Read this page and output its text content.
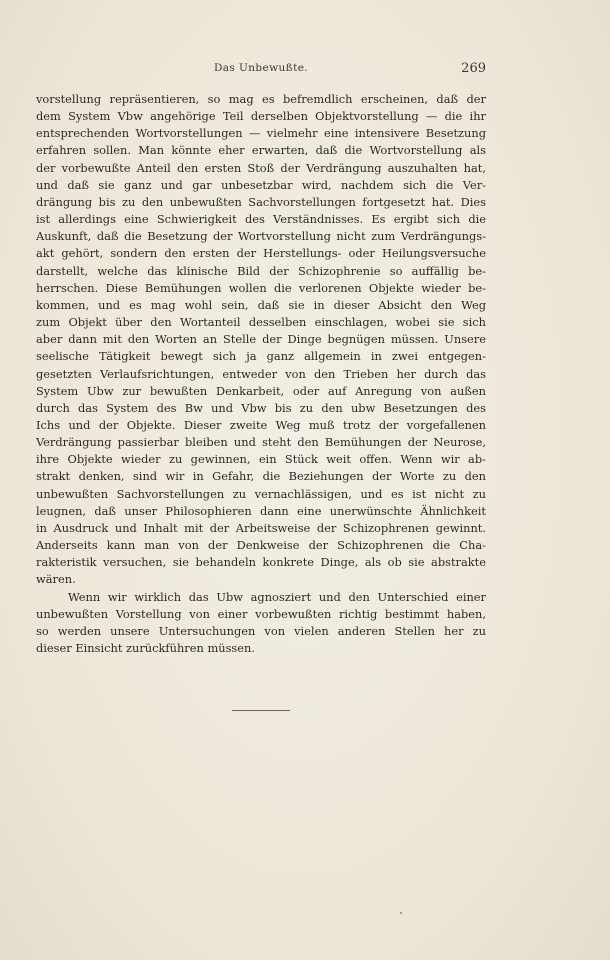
Das Unbewußte.	269

vorstellung repräsentieren, so mag es befremdlich erscheinen, daß der
dem System Vbw angehörige Teil derselben Objektvorstellung — die ihr
entsprechenden Wortvorstellungen — vielmehr eine intensivere Besetzung
erfahren sollen. Man könnte eher erwarten, daß die Wortvorstellung als
der vorbewußte Anteil den ersten Stoß der Verdrängung auszuhalten hat,
und daß sie ganz und gar unbesetzbar wird, nachdem sich die Ver-
drängung bis zu den unbewußten Sachvorstellungen fortgesetzt hat. Dies
ist allerdings eine Schwierigkeit des Verständnisses. Es ergibt sich die
Auskunft, daß die Besetzung der Wortvorstellung nicht zum Verdrängungs-
akt gehört, sondern den ersten der Herstellungs- oder Heilungsversuche
darstellt, welche das klinische Bild der Schizophrenie so auffällig be-
herrschen. Diese Bemühungen wollen die verlorenen Objekte wieder be-
kommen, und es mag wohl sein, daß sie in dieser Absicht den Weg
zum Objekt über den Wortanteil desselben einschlagen, wobei sie sich
aber dann mit den Worten an Stelle der Dinge begnügen müssen. Unsere
seelische Tätigkeit bewegt sich ja ganz allgemein in zwei entgegen-
gesetzten Verlaufsrichtungen, entweder von den Trieben her durch das
System Ubw zur bewußten Denkarbeit, oder auf Anregung von außen
durch das System des Bw und Vbw bis zu den ubw Besetzungen des
Ichs und der Objekte. Dieser zweite Weg muß trotz der vorgefallenen
Verdrängung passierbar bleiben und steht den Bemühungen der Neurose,
ihre Objekte wieder zu gewinnen, ein Stück weit offen. Wenn wir ab-
strakt denken, sind wir in Gefahr, die Beziehungen der Worte zu den
unbewußten Sachvorstellungen zu vernachlässigen, und es ist nicht zu
leugnen, daß unser Philosophieren dann eine unerwünschte Ähnlichkeit
in Ausdruck und Inhalt mit der Arbeitsweise der Schizophrenen gewinnt.
Anderseits kann man von der Denkweise der Schizophrenen die Cha-
rakteristik versuchen, sie behandeln konkrete Dinge, als ob sie abstrakte
wären.

Wenn wir wirklich das Ubw agnosziert und den Unterschied einer
unbewußten Vorstellung von einer vorbewußten richtig bestimmt haben,
so werden unsere Untersuchungen von vielen anderen Stellen her zu
dieser Einsicht zurückführen müssen.
